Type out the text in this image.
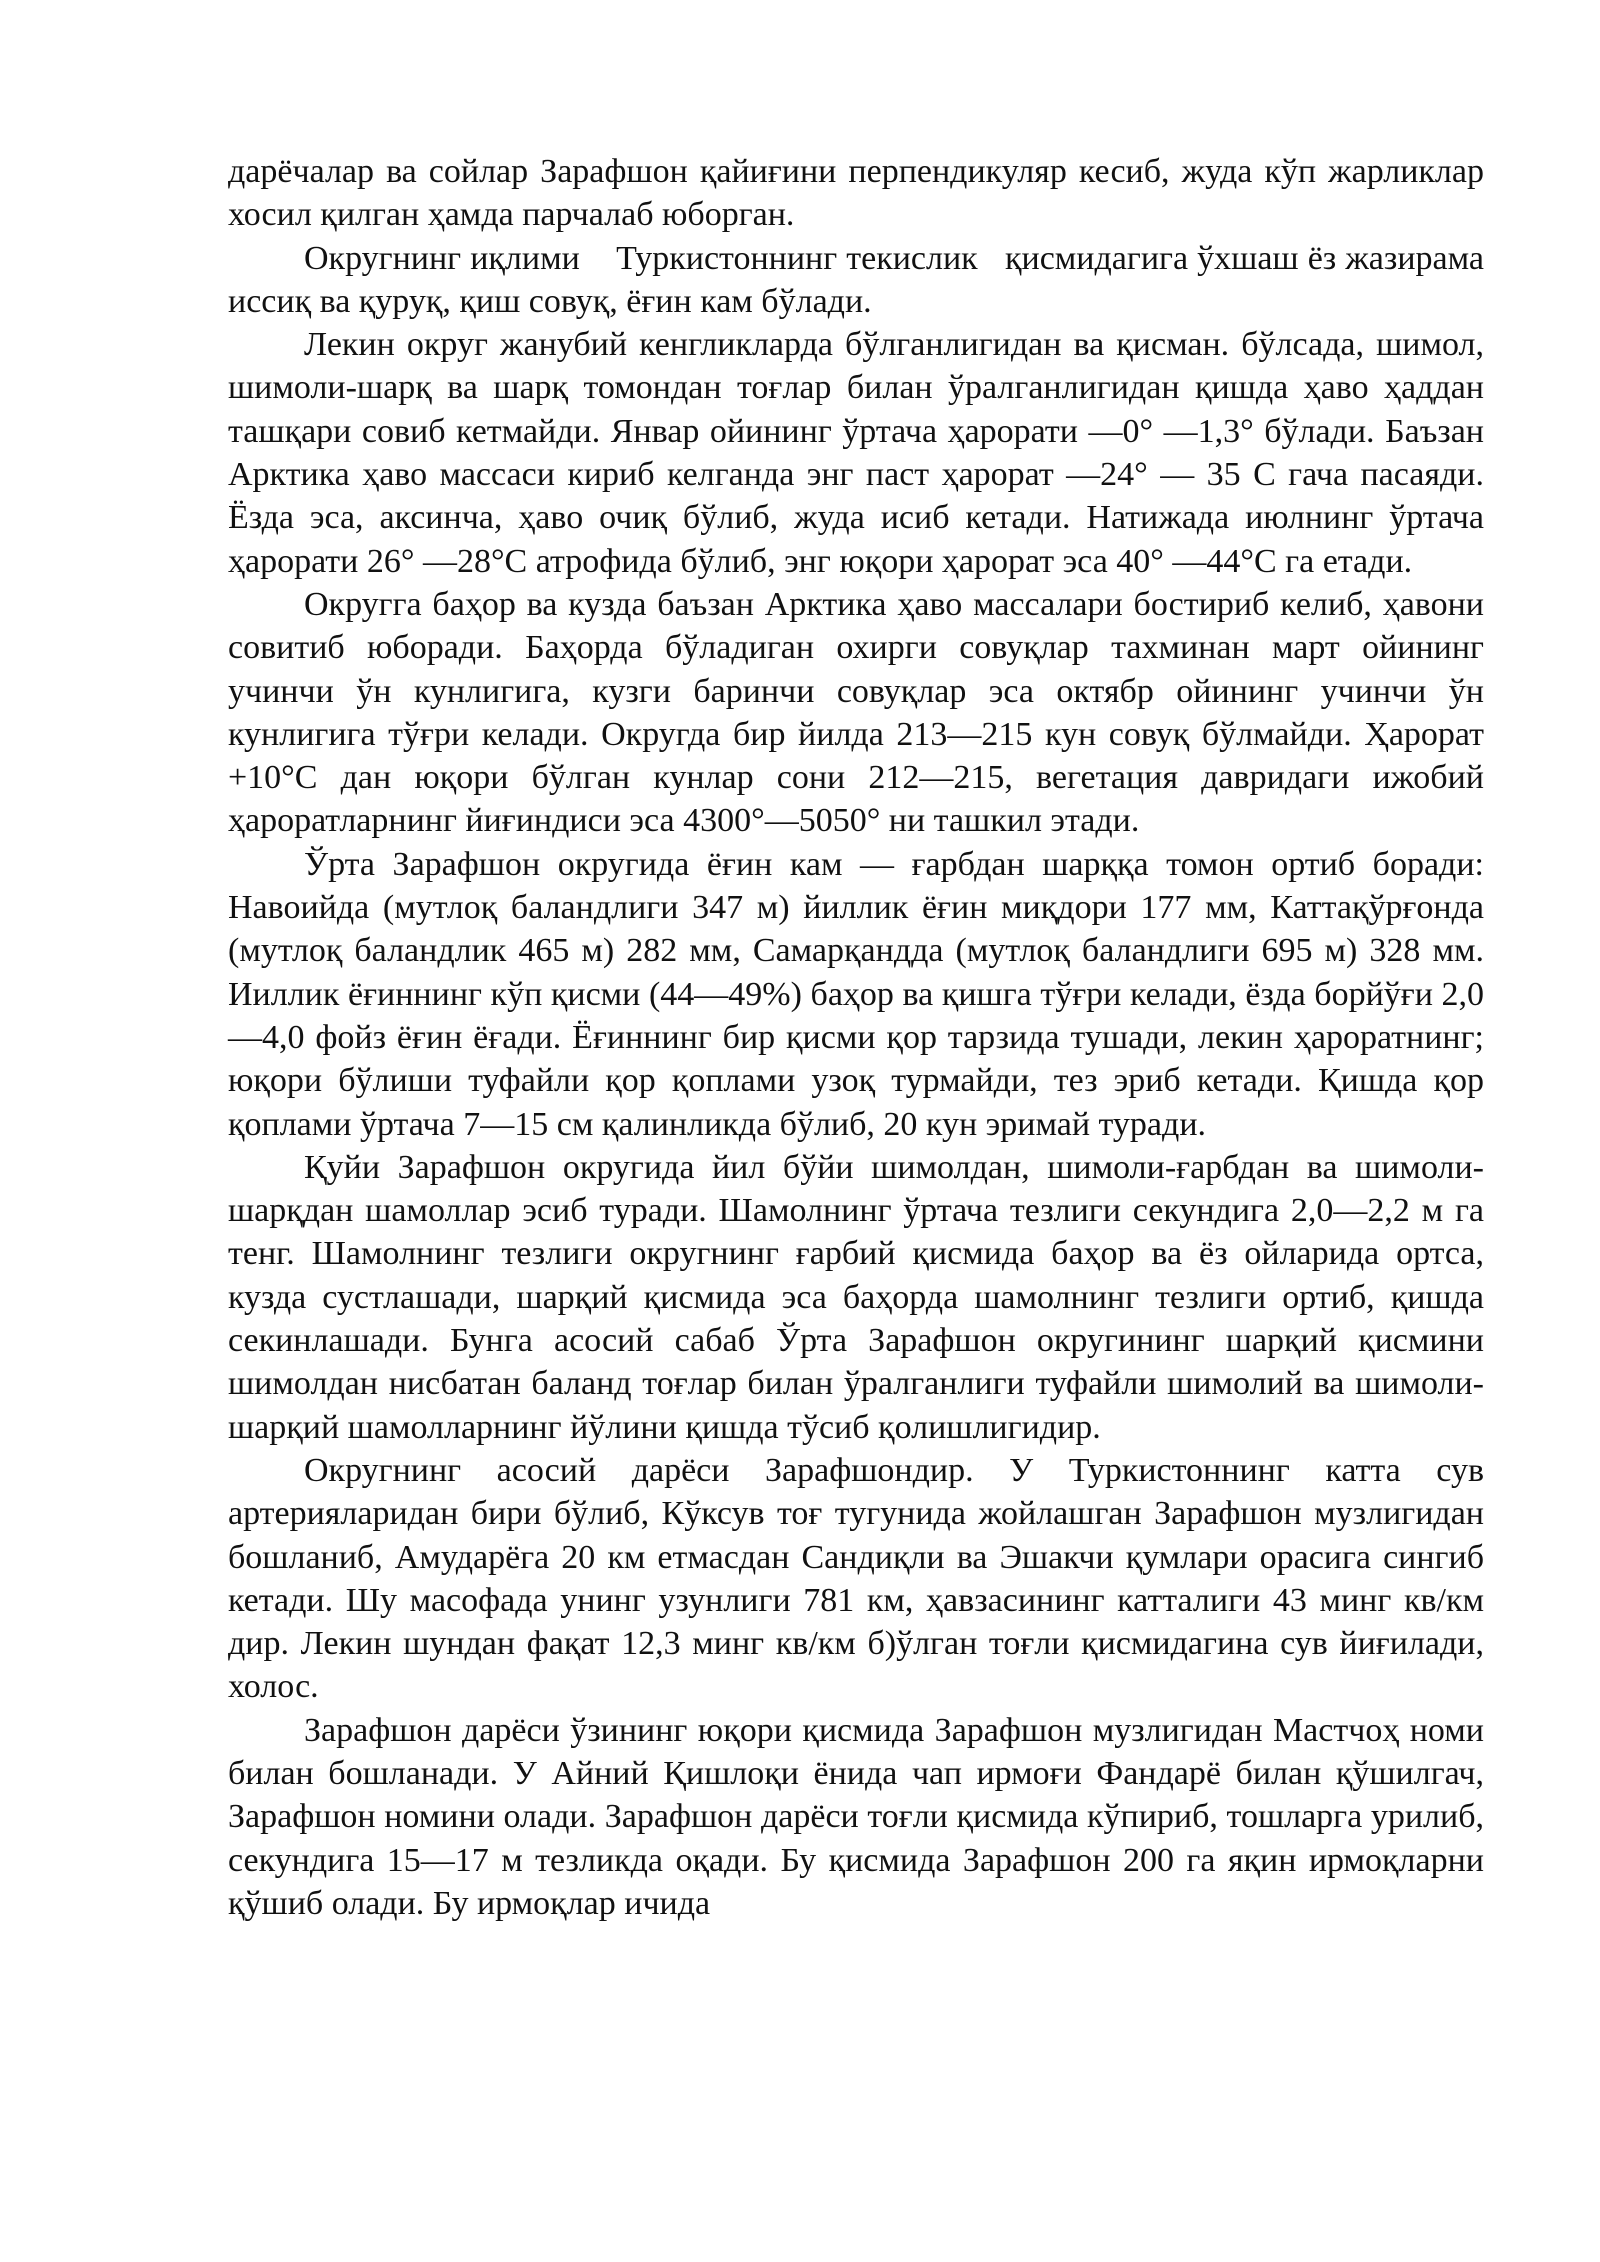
дарёчалар ва сойлар Зарафшон қайиғини перпендикуляр кесиб, жуда кўп жарликлар хосил қилган ҳамда парчалаб юборган.

Округнинг иқлими    Туркистоннинг текислик   қисмидагига ўхшаш ёз жазирама иссиқ ва қуруқ, қиш совуқ, ёғин кам бўлади.

Лекин округ жанубий кенгликларда бўлганлигидан ва қисман. бўлсада, шимол, шимоли-шарқ ва шарқ томондан тоғлар билан ўралганлигидан қишда ҳаво ҳаддан ташқари совиб кетмайди. Январ ойининг ўртача ҳарорати —0° —1,3° бўлади. Баъзан Арктика ҳаво массаси кириб келганда энг паст ҳарорат —24° — 35 С гача пасаяди. Ёзда эса, аксинча, ҳаво очиқ бўлиб, жуда исиб кетади. Натижада июлнинг ўртача ҳарорати 26° —28°С атрофида бўлиб, энг юқори ҳарорат эса 40° —44°С га етади.

Округга баҳор ва кузда баъзан Арктика ҳаво массалари бостириб келиб, ҳавони совитиб юборади. Баҳорда бўладиган охирги совуқлар тахминан март ойининг учинчи ўн кунлигига, кузги баринчи совуқлар эса октябр ойининг учинчи ўн кунлигига тўғри келади. Округда бир йилда 213—215 кун совуқ бўлмайди. Ҳарорат +10°С дан юқори бўлган кунлар сони 212—215, вегетация давридаги ижобий ҳароратларнинг йиғиндиси эса 4300°—5050° ни ташкил этади.

Ўрта Зарафшон округида ёғин кам — ғарбдан шарққа томон ортиб боради: Навоийда (мутлоқ баландлиги 347 м) йиллик ёғин миқдори 177 мм, Каттақўрғонда (мутлоқ баландлик 465 м) 282 мм, Самарқандда (мутлоқ баландлиги 695 м) 328 мм. Ииллик ёғиннинг кўп қисми (44—49%) баҳор ва қишга тўғри келади, ёзда борйўғи 2,0—4,0 фойз ёғин ёғади. Ёғиннинг бир қисми қор тарзида тушади, лекин ҳароратнинг; юқори бўлиши туфайли қор қоплами узоқ турмайди, тез эриб кетади. Қишда қор қоплами ўртача 7—15 см қалинликда бўлиб, 20 кун эримай туради.

Қуйи Зарафшон округида йил бўйи шимолдан, шимоли-ғарбдан ва шимоли-шарқдан шамоллар эсиб туради. Шамолнинг ўртача тезлиги секундига 2,0—2,2 м га тенг. Шамолнинг тезлиги округнинг ғарбий қисмида баҳор ва ёз ойларида ортса, кузда сустлашади, шарқий қисмида эса баҳорда шамолнинг тезлиги ортиб, қишда секинлашади. Бунга асосий сабаб Ўрта Зарафшон округининг шарқий қисмини шимолдан нисбатан баланд тоғлар билан ўралганлиги туфайли шимолий ва шимоли-шарқий шамолларнинг йўлини қишда тўсиб қолишлигидир.

Округнинг асосий дарёси Зарафшондир. У Туркистоннинг катта сув артерияларидан бири бўлиб, Кўксув тоғ тугунида жойлашган Зарафшон музлигидан бошланиб, Амударёга 20 км етмасдан Сандиқли ва Эшакчи қумлари орасига сингиб кетади. Шу масофада унинг узунлиги 781 км, ҳавзасининг катталиги 43 минг кв/км дир. Лекин шундан фақат 12,3 минг кв/км б)ўлган тоғли қисмидагина сув йиғилади, холос.

Зарафшон дарёси ўзининг юқори қисмида Зарафшон музлигидан Мастчоҳ номи билан бошланади. У Айний Қишлоқи ёнида чап ирмоғи Фандарё билан қўшилгач, Зарафшон номини олади. Зарафшон дарёси тоғли қисмида кўпириб, тошларга урилиб, секундига 15—17 м тезликда оқади. Бу қисмида Зарафшон 200 га яқин ирмоқларни қўшиб олади. Бу ирмоқлар ичида
